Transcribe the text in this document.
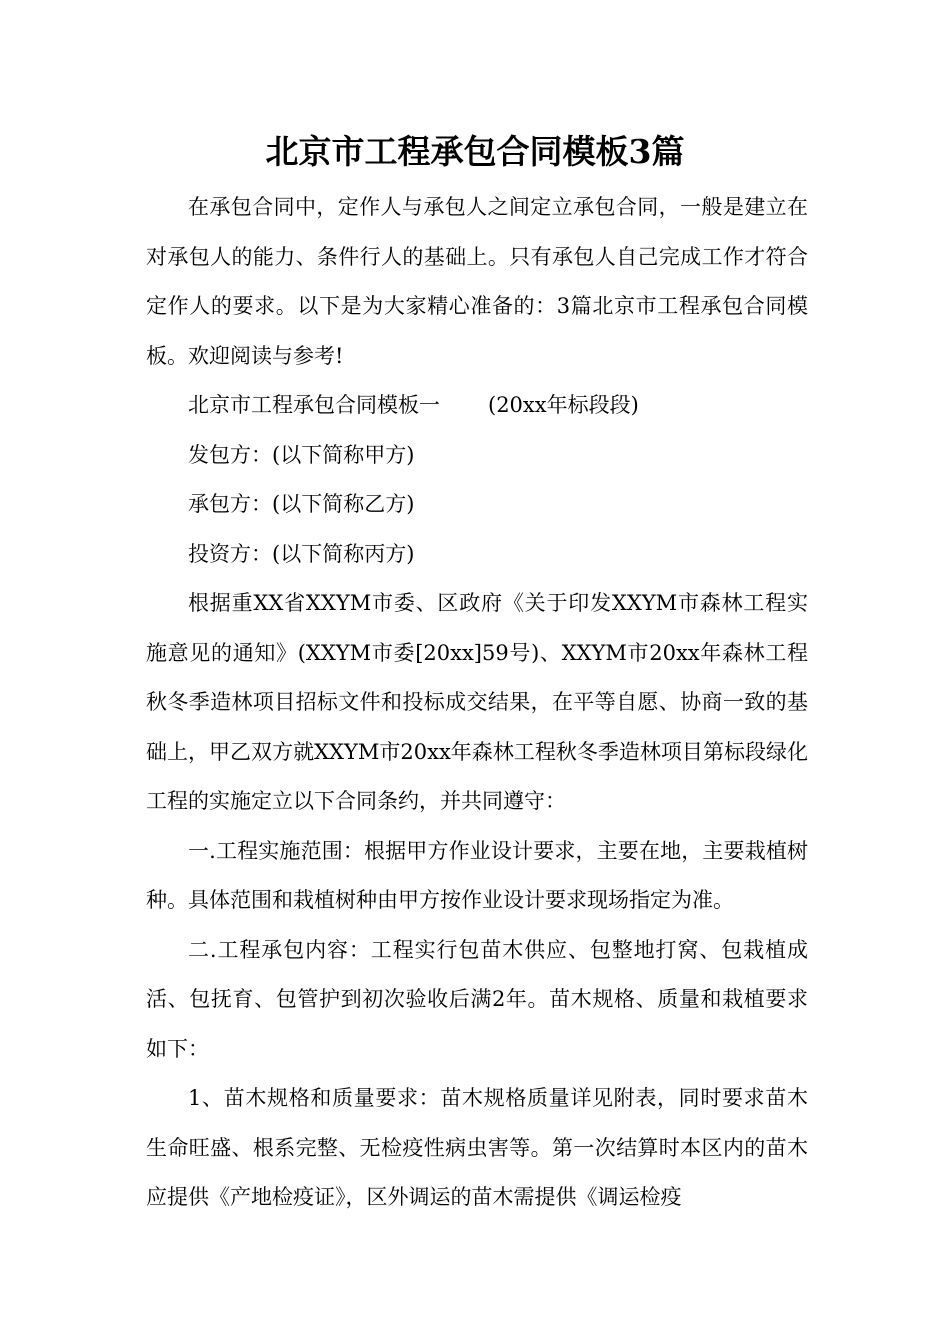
北京市工程承包合同模板3篇

在承包合同中，定作人与承包人之间定立承包合同，一般是建立在对承包人的能力、条件行人的基础上。只有承包人自己完成工作才符合定作人的要求。以下是为大家精心准备的：3篇北京市工程承包合同模板。欢迎阅读与参考!

北京市工程承包合同模板一 (20xx年标段段)

发包方：(以下简称甲方)

承包方：(以下简称乙方)

投资方：(以下简称丙方)

根据重XX省XXYM市委、区政府《关于印发XXYM市森林工程实施意见的通知》(XXYM市委[20xx]59号)、XXYM市20xx年森林工程秋冬季造林项目招标文件和投标成交结果，在平等自愿、协商一致的基础上，甲乙双方就XXYM市20xx年森林工程秋冬季造林项目第标段绿化工程的实施定立以下合同条约，并共同遵守：

一.工程实施范围：根据甲方作业设计要求，主要在地，主要栽植树种。具体范围和栽植树种由甲方按作业设计要求现场指定为准。

二.工程承包内容：工程实行包苗木供应、包整地打窝、包栽植成活、包抚育、包管护到初次验收后满2年。苗木规格、质量和栽植要求如下：

1、苗木规格和质量要求：苗木规格质量详见附表，同时要求苗木生命旺盛、根系完整、无检疫性病虫害等。第一次结算时本区内的苗木应提供《产地检疫证》，区外调运的苗木需提供《调运检疫
